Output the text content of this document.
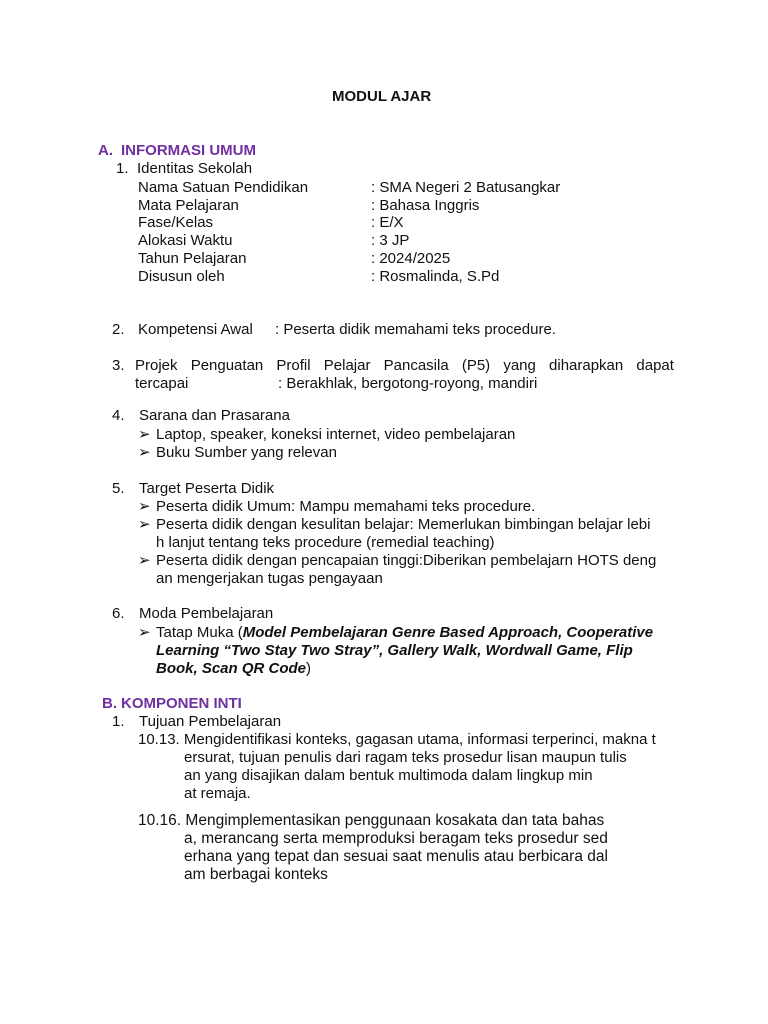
MODUL AJAR
A. INFORMASI UMUM
1. Identitas Sekolah
Nama Satuan Pendidikan	: SMA Negeri 2 Batusangkar
Mata Pelajaran	: Bahasa Inggris
Fase/Kelas	: E/X
Alokasi Waktu	: 3 JP
Tahun Pelajaran	: 2024/2025
Disusun oleh	: Rosmalinda, S.Pd
2. Kompetensi Awal : Peserta didik memahami teks procedure.
3. Projek Penguatan Profil Pelajar Pancasila (P5) yang diharapkan dapat
tercapai	: Berakhlak, bergotong-royong, mandiri
4. Sarana dan Prasarana
➢ Laptop, speaker, koneksi internet, video pembelajaran
➢ Buku Sumber yang relevan
5. Target Peserta Didik
➢ Peserta didik Umum: Mampu memahami teks procedure.
➢ Peserta didik dengan kesulitan belajar: Memerlukan bimbingan belajar lebi
h lanjut tentang teks procedure (remedial teaching)
➢ Peserta didik dengan pencapaian tinggi:Diberikan pembelajarn HOTS deng
an mengerjakan tugas pengayaan
6. Moda Pembelajaran
➢ Tatap Muka (Model Pembelajaran Genre Based Approach, Cooperative
Learning “Two Stay Two Stray”, Gallery Walk, Wordwall Game, Flip
Book, Scan QR Code)
B. KOMPONEN INTI
1. Tujuan Pembelajaran
10.13. Mengidentifikasi konteks, gagasan utama, informasi terperinci, makna t
ersurat, tujuan penulis dari ragam teks prosedur lisan maupun tulis
an yang disajikan dalam bentuk multimoda dalam lingkup min
at remaja.
10.16. Mengimplementasikan penggunaan kosakata dan tata bahas
a, merancang serta memproduksi beragam teks prosedur sed
erhana yang tepat dan sesuai saat menulis atau berbicara dal
am berbagai konteks
